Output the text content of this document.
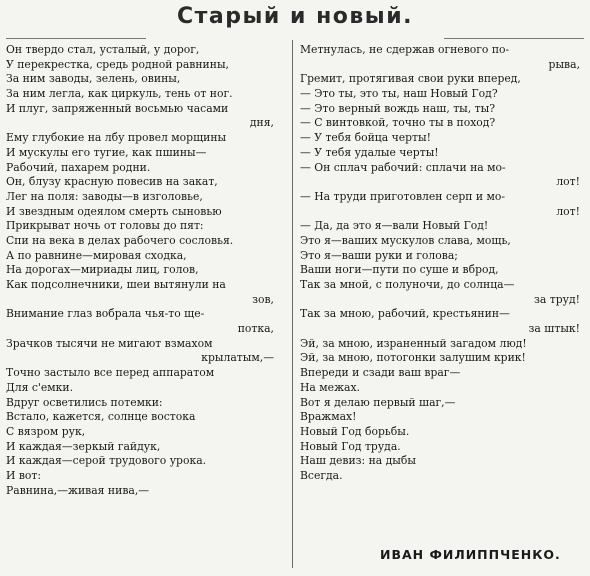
Старый и новый.
Он твердо стал, усталый, у дорог,
У перекрестка, средь родной равнины,
За ним заводы, зелень, овины,
За ним легла, как циркуль, тень от ног.
И плуг, запряженный восьмью часами
дня,
Ему глубокие на лбу провел морщины
И мускулы его тугие, как пшины—
Рабочий, пахарем родни.
Он, блузу красную повесив на закат,
Лег на поля: заводы—в изголовье,
И звездным одеялом смерть сыновью
Прикрыват ночь от головы до пят:
Спи на века в делах рабочего сословья.
А по равнине—мировая сходка,
На дорогах—мириады лиц, голов,
Как подсолнечники, шеи вытянули на
зов,
Внимание глаз вобрала чья-то ще-
потка,
Зрачков тысячи не мигают взмахом
крылатым,—
Точно застыло все перед аппаратом
Для с'емки.
Вдруг осветились потемки:
Встало, кажется, солнце востока
С вязром рук,
И каждая—зеркый гайдук,
И каждая—серой трудового урока.
И вот:
Равнина,—живая нива,—
Метнулась, не сдержав огневого по-
рыва,
Гремит, протягивая свои руки вперед,
— Это ты, это ты, наш Новый Год?
— Это верный вождь наш, ты, ты?
— С винтовкой, точно ты в поход?
— У тебя бойца черты!
— У тебя удалые черты!
— Он сплач рабочий: сплачи на мо-
лот!
— На труди приготовлен серп и мо-
лот!
— Да, да это я—вали Новый Год!
Это я—ваших мускулов слава, мощь,
Это я—ваши руки и голова;
Ваши ноги—пути по суше и вброд,
Так за мной, с полуночи, до солнца—
за труд!
Так за мною, рабочий, крестьянин—
за штык!
Эй, за мною, израненный загадом люд!
Эй, за мною, потогонки залушим крик!
Впереди и сзади ваш враг—
На межах.
Вот я делаю первый шаг,—
Вражмах!
Новый Год борьбы.
Новый Год труда.
Наш девиз: на дыбы
Всегда.
ИВАН ФИЛИППЧЕНКО.
